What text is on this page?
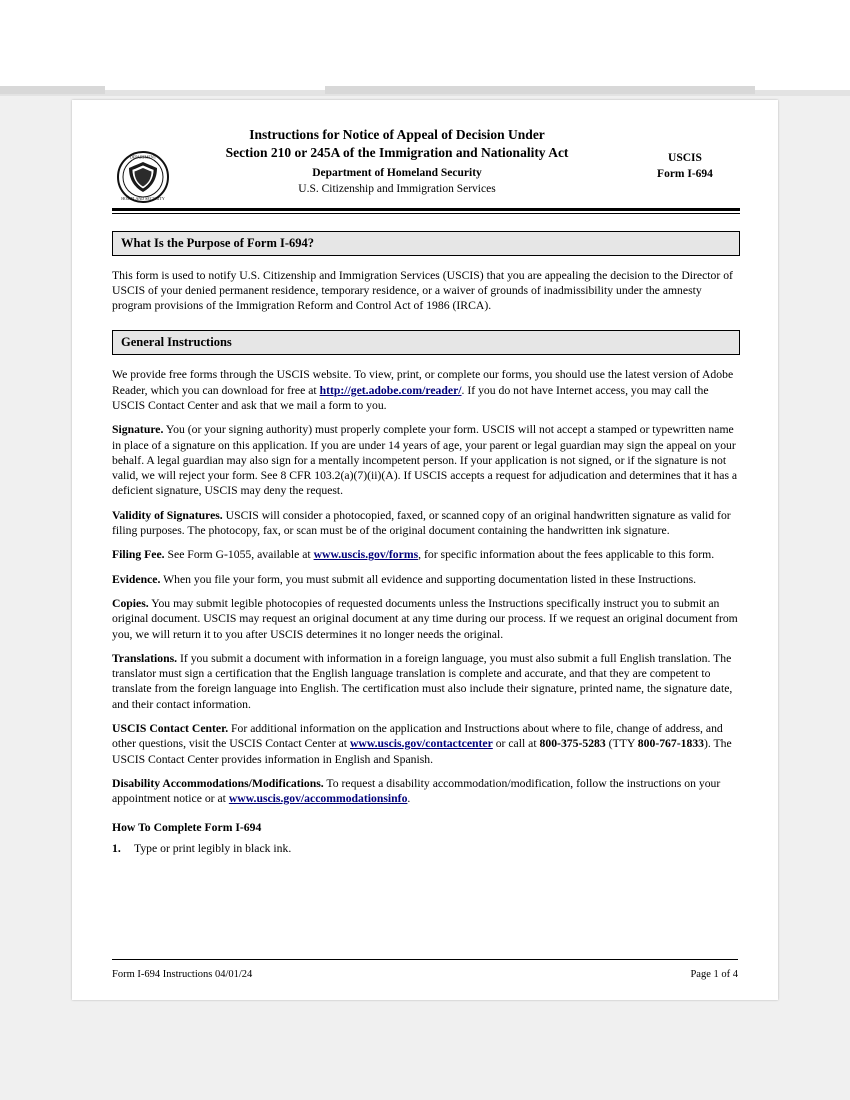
DEPARTMENT
HOMELAND SECURITY
Instructions for Notice of Appeal of Decision Under
Section 210 or 245A of the Immigration and Nationality Act
Department of Homeland Security
U.S. Citizenship and Immigration Services
USCIS
Form I-694
What Is the Purpose of Form I-694?

This form is used to notify U.S. Citizenship and Immigration Services (USCIS) that you are appealing the decision to the Director of USCIS of your denied permanent residence, temporary residence, or a waiver of grounds of inadmissibility under the amnesty program provisions of the Immigration Reform and Control Act of 1986 (IRCA).

General Instructions

We provide free forms through the USCIS website. To view, print, or complete our forms, you should use the latest version of Adobe Reader, which you can download for free at http://get.adobe.com/reader/. If you do not have Internet access, you may call the USCIS Contact Center and ask that we mail a form to you.

Signature. You (or your signing authority) must properly complete your form. USCIS will not accept a stamped or typewritten name in place of a signature on this application. If you are under 14 years of age, your parent or legal guardian may sign the appeal on your behalf. A legal guardian may also sign for a mentally incompetent person. If your application is not signed, or if the signature is not valid, we will reject your form. See 8 CFR 103.2(a)(7)(ii)(A). If USCIS accepts a request for adjudication and determines that it has a deficient signature, USCIS may deny the request.

Validity of Signatures. USCIS will consider a photocopied, faxed, or scanned copy of an original handwritten signature as valid for filing purposes. The photocopy, fax, or scan must be of the original document containing the handwritten ink signature.

Filing Fee. See Form G-1055, available at www.uscis.gov/forms, for specific information about the fees applicable to this form.

Evidence. When you file your form, you must submit all evidence and supporting documentation listed in these Instructions.

Copies. You may submit legible photocopies of requested documents unless the Instructions specifically instruct you to submit an original document. USCIS may request an original document at any time during our process. If we request an original document from you, we will return it to you after USCIS determines it no longer needs the original.

Translations. If you submit a document with information in a foreign language, you must also submit a full English translation. The translator must sign a certification that the English language translation is complete and accurate, and that they are competent to translate from the foreign language into English. The certification must also include their signature, printed name, the signature date, and their contact information.

USCIS Contact Center. For additional information on the application and Instructions about where to file, change of address, and other questions, visit the USCIS Contact Center at www.uscis.gov/contactcenter or call at 800-375-5283 (TTY 800-767-1833). The USCIS Contact Center provides information in English and Spanish.

Disability Accommodations/Modifications. To request a disability accommodation/modification, follow the instructions on your appointment notice or at www.uscis.gov/accommodationsinfo.

How To Complete Form I-694
1. Type or print legibly in black ink.
Form I-694 Instructions 04/01/24	Page 1 of 4
